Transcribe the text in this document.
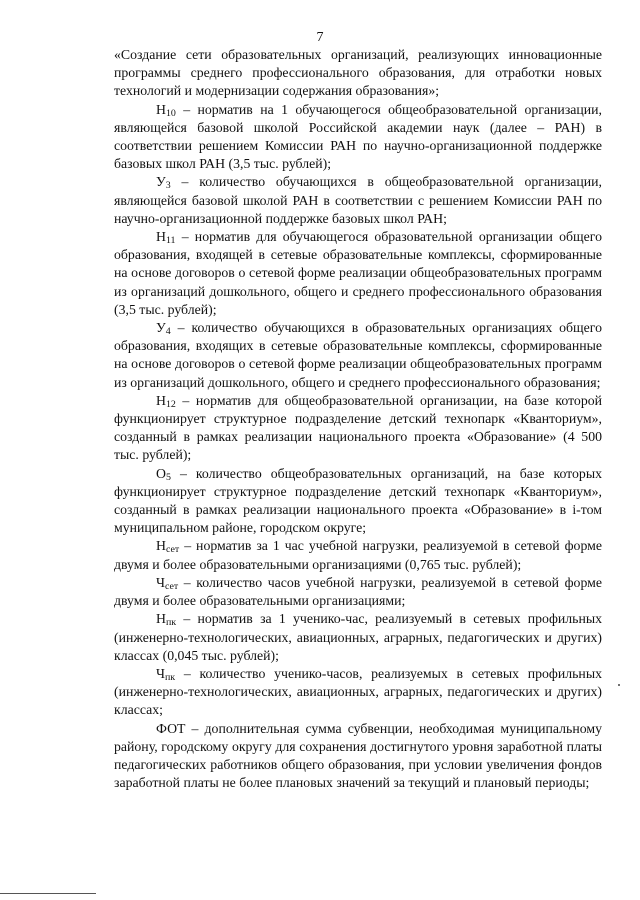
7

«Создание сети образовательных организаций, реализующих инновационные программы среднего профессионального образования, для отработки новых технологий и модернизации содержания образования»;

$Н_{10}$ – норматив на 1 обучающегося общеобразовательной организации, являющейся базовой школой Российской академии наук (далее – РАН) в соответствии решением Комиссии РАН по научно-организационной поддержке базовых школ РАН (3,5 тыс. рублей);

$У_3$ – количество обучающихся в общеобразовательной организации, являющейся базовой школой РАН в соответствии с решением Комиссии РАН по научно-организационной поддержке базовых школ РАН;

$Н_{11}$ – норматив для обучающегося образовательной организации общего образования, входящей в сетевые образовательные комплексы, сформированные на основе договоров о сетевой форме реализации общеобразовательных программ из организаций дошкольного, общего и среднего профессионального образования (3,5 тыс. рублей);

$У_4$ – количество обучающихся в образовательных организациях общего образования, входящих в сетевые образовательные комплексы, сформированные на основе договоров о сетевой форме реализации общеобразовательных программ из организаций дошкольного, общего и среднего профессионального образования;

$Н_{12}$ – норматив для общеобразовательной организации, на базе которой функционирует структурное подразделение детский технопарк «Кванториум», созданный в рамках реализации национального проекта «Образование» (4 500 тыс. рублей);

$О_5$ – количество общеобразовательных организаций, на базе которых функционирует структурное подразделение детский технопарк «Кванториум», созданный в рамках реализации национального проекта «Образование» в i-том муниципальном районе, городском округе;

$Н_{сет}$ – норматив за 1 час учебной нагрузки, реализуемой в сетевой форме двумя и более образовательными организациями (0,765 тыс. рублей);

$Ч_{сет}$ – количество часов учебной нагрузки, реализуемой в сетевой форме двумя и более образовательными организациями;

$Н_{пк}$ – норматив за 1 ученико-час, реализуемый в сетевых профильных (инженерно-технологических, авиационных, аграрных, педагогических и других) классах (0,045 тыс. рублей);

$Ч_{пк}$ – количество ученико-часов, реализуемых в сетевых профильных (инженерно-технологических, авиационных, аграрных, педагогических и других) классах;

ФОТ – дополнительная сумма субвенции, необходимая муниципальному району, городскому округу для сохранения достигнутого уровня заработной платы педагогических работников общего образования, при условии увеличения фондов заработной платы не более плановых значений за текущий и плановый периоды;
